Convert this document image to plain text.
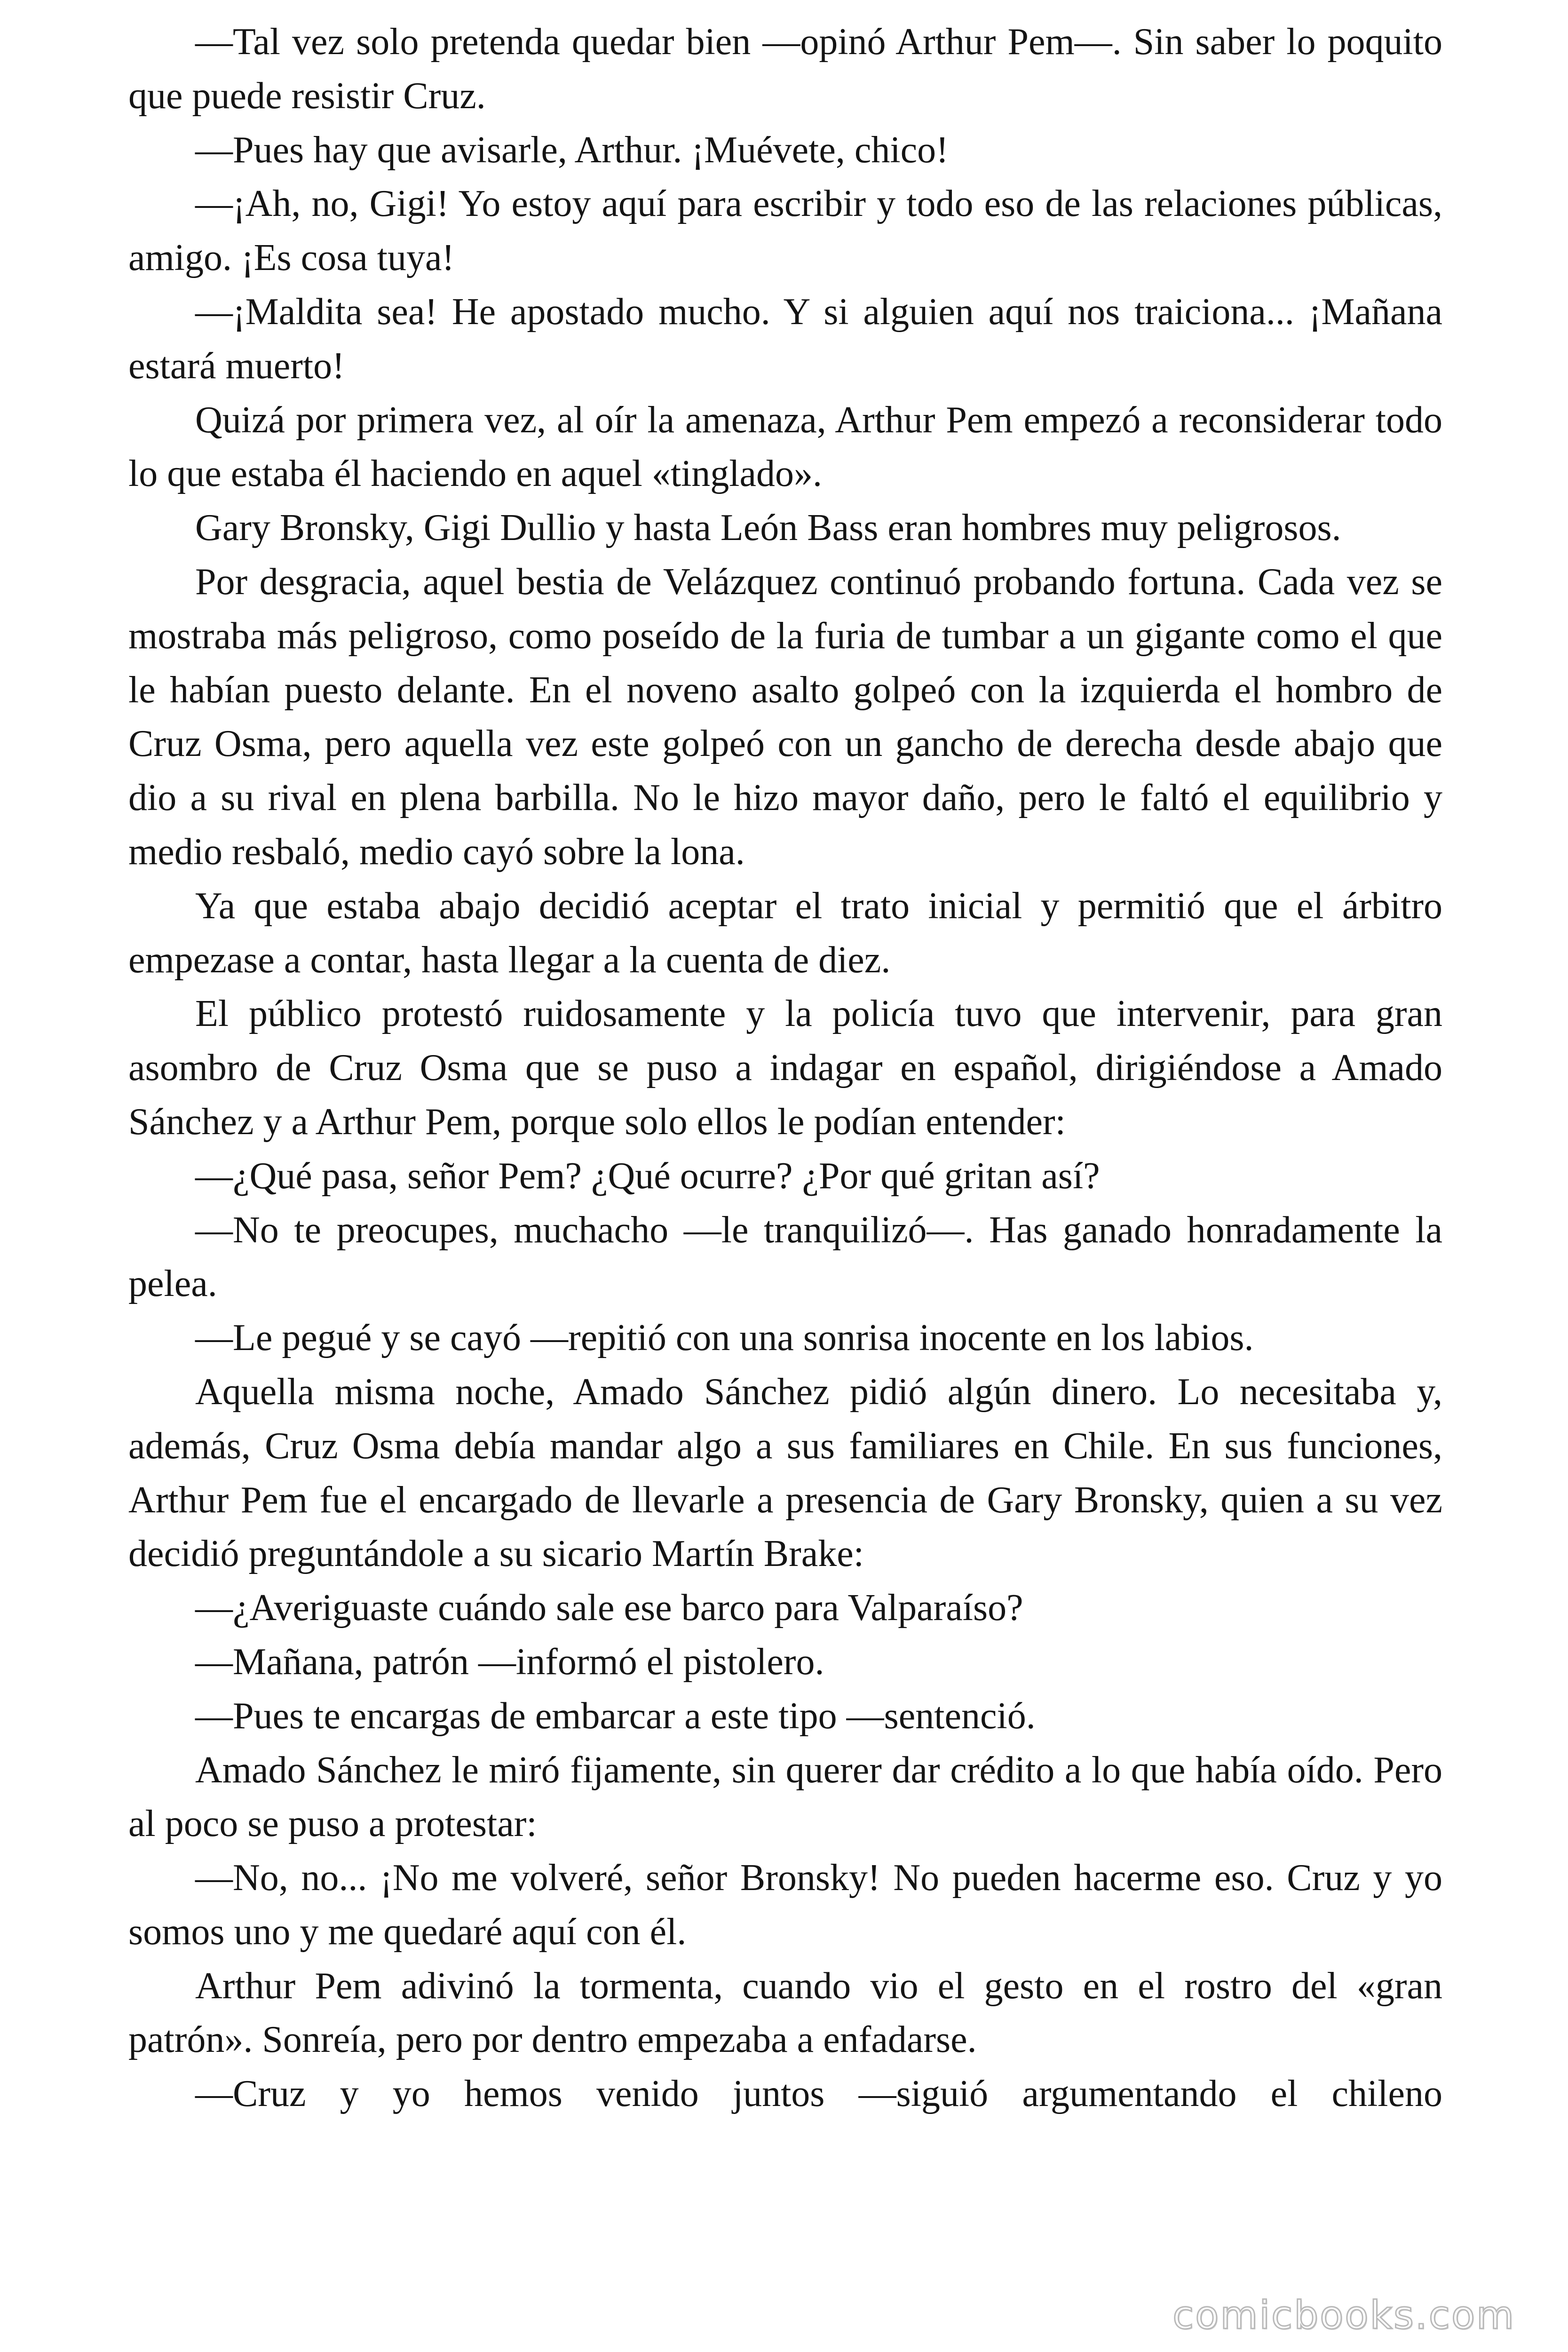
—Tal vez solo pretenda quedar bien —opinó Arthur Pem—. Sin saber lo poquito que puede resistir Cruz.

—Pues hay que avisarle, Arthur. ¡Muévete, chico!

—¡Ah, no, Gigi! Yo estoy aquí para escribir y todo eso de las relaciones públicas, amigo. ¡Es cosa tuya!

—¡Maldita sea! He apostado mucho. Y si alguien aquí nos traiciona... ¡Mañana estará muerto!

Quizá por primera vez, al oír la amenaza, Arthur Pem empezó a reconsiderar todo lo que estaba él haciendo en aquel «tinglado».

Gary Bronsky, Gigi Dullio y hasta León Bass eran hombres muy peligrosos.

Por desgracia, aquel bestia de Velázquez continuó probando fortuna. Cada vez se mostraba más peligroso, como poseído de la furia de tumbar a un gigante como el que le habían puesto delante. En el noveno asalto golpeó con la izquierda el hombro de Cruz Osma, pero aquella vez este golpeó con un gancho de derecha desde abajo que dio a su rival en plena barbilla. No le hizo mayor daño, pero le faltó el equilibrio y medio resbaló, medio cayó sobre la lona.

Ya que estaba abajo decidió aceptar el trato inicial y permitió que el árbitro empezase a contar, hasta llegar a la cuenta de diez.

El público protestó ruidosamente y la policía tuvo que intervenir, para gran asombro de Cruz Osma que se puso a indagar en español, dirigiéndose a Amado Sánchez y a Arthur Pem, porque solo ellos le podían entender:

—¿Qué pasa, señor Pem? ¿Qué ocurre? ¿Por qué gritan así?

—No te preocupes, muchacho —le tranquilizó—. Has ganado honradamente la pelea.

—Le pegué y se cayó —repitió con una sonrisa inocente en los labios.

Aquella misma noche, Amado Sánchez pidió algún dinero. Lo necesitaba y, además, Cruz Osma debía mandar algo a sus familiares en Chile. En sus funciones, Arthur Pem fue el encargado de llevarle a presencia de Gary Bronsky, quien a su vez decidió preguntándole a su sicario Martín Brake:

—¿Averiguaste cuándo sale ese barco para Valparaíso?

—Mañana, patrón —informó el pistolero.

—Pues te encargas de embarcar a este tipo —sentenció.

Amado Sánchez le miró fijamente, sin querer dar crédito a lo que había oído. Pero al poco se puso a protestar:

—No, no... ¡No me volveré, señor Bronsky! No pueden hacerme eso. Cruz y yo somos uno y me quedaré aquí con él.

Arthur Pem adivinó la tormenta, cuando vio el gesto en el rostro del «gran patrón». Sonreía, pero por dentro empezaba a enfadarse.

—Cruz y yo hemos venido juntos —siguió argumentando el chileno

comicbooks.com
